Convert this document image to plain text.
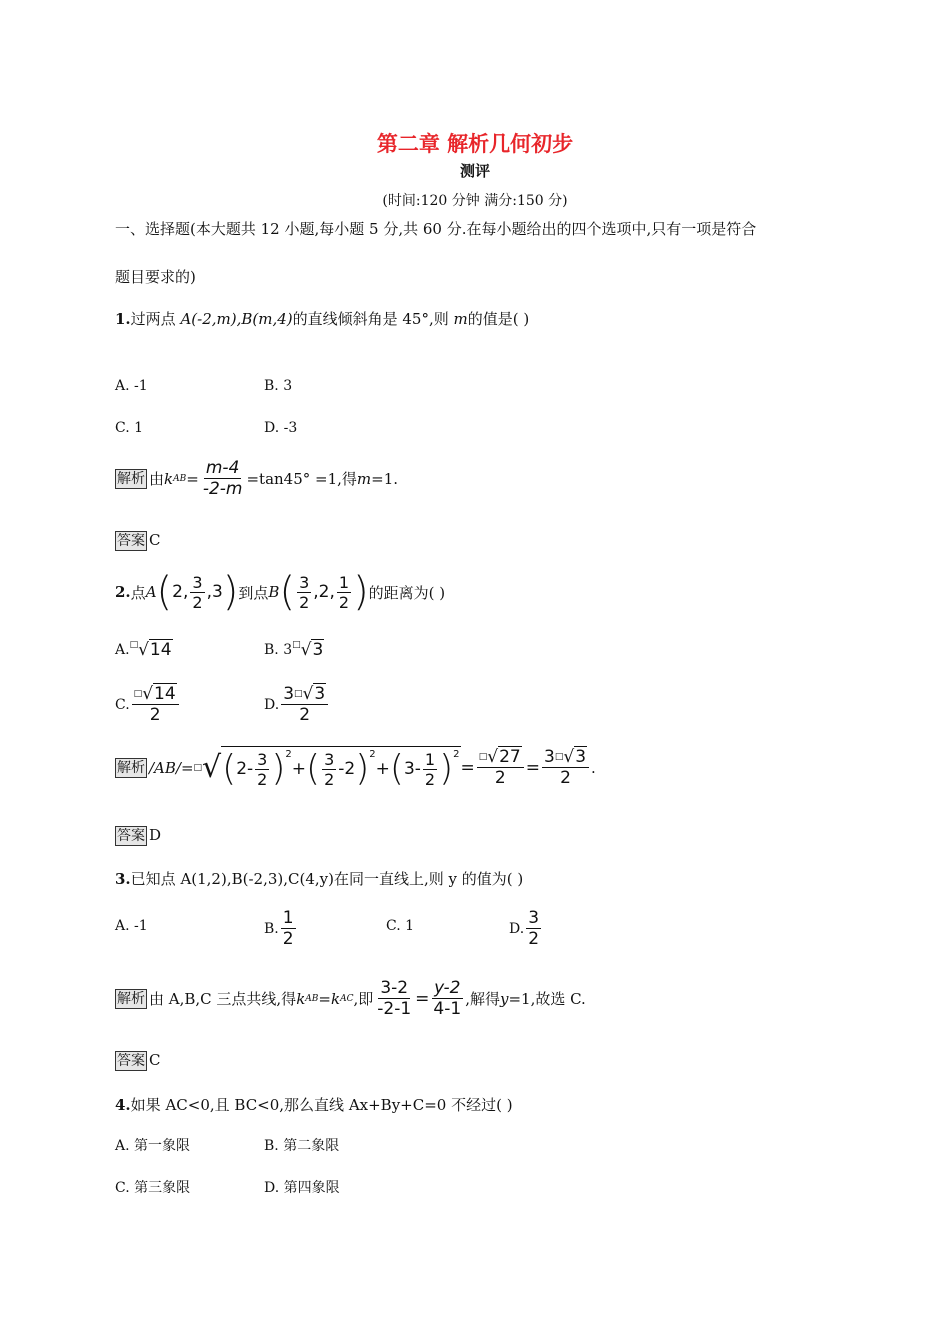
第二章 解析几何初步
测评
(时间:120 分钟 满分:150 分)
一、选择题(本大题共 12 小题,每小题 5 分,共 60 分.在每小题给出的四个选项中,只有一项是符合
题目要求的)
1.过两点 A(-2,m),B(m,4)的直线倾斜角是 45°,则 m的值是( )
A. -1	B. 3
C. 1	D. -3
解析 由 k AB = $\frac{m-4}{-2-m} =\tan 45^\circ =1$,得 m =1.
答案 C
2. 点 A ( 2, $\frac{3}{2} ,3$ ) 到点 B ( $\frac{3}{2} ,2$, $\frac{1}{2}$ ) 的距离为( )
A. □√14	B. 3 □√3
C. $\frac{^□√14}{2}$	D. $\frac{3^□√3}{2}$
解析 /AB/= □ √ ( $2- \frac{3}{2} )^2$
+ ( $\frac{3}{2} -2$ )$^2$
+ ( $3- \frac{1}{2} )^2$
= $\frac{^□√27}{2} = \frac{3^□√3}{2}$ .
答案 D
3.已知点 A(1,2),B(-2,3),C(4,y)在同一直线上,则 y 的值为( )
A. -1	B. $\frac{1}{2}$	C. 1	D. $\frac{3}{2}$
解析 由 A,B,C 三点共线,得 k AB = k AC ,即 $\frac{3-2}{-2-1} = \frac{y-2}{4-1}$ ,解得 y =1,故选 C.
答案 C
4.如果 AC<0,且 BC<0,那么直线 Ax+By+C=0 不经过( )
A. 第一象限	B. 第二象限
C. 第三象限	D. 第四象限
